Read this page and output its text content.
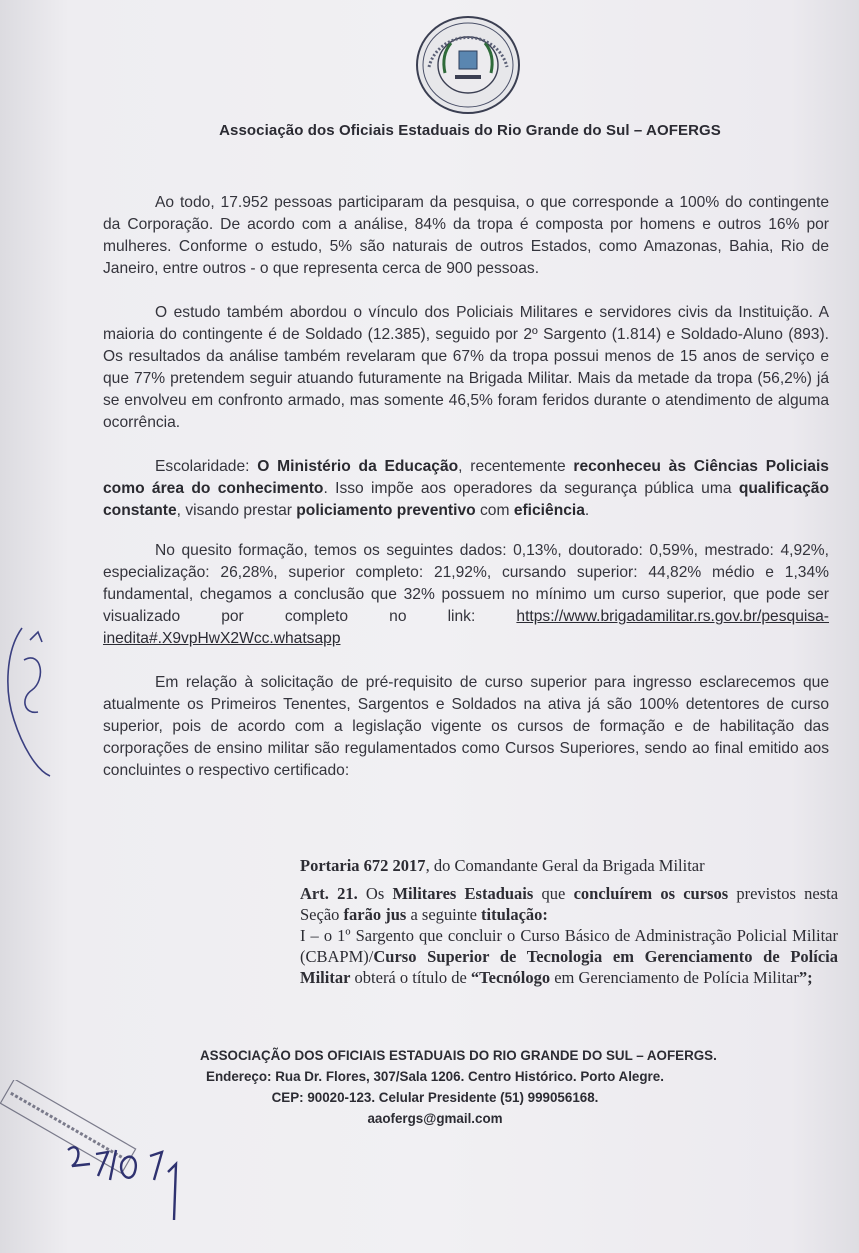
Associação dos Oficiais Estaduais do Rio Grande do Sul – AOFERGS

Ao todo, 17.952 pessoas participaram da pesquisa, o que corresponde a 100% do contingente da Corporação. De acordo com a análise, 84% da tropa é composta por homens e outros 16% por mulheres. Conforme o estudo, 5% são naturais de outros Estados, como Amazonas, Bahia, Rio de Janeiro, entre outros - o que representa cerca de 900 pessoas.

O estudo também abordou o vínculo dos Policiais Militares e servidores civis da Instituição. A maioria do contingente é de Soldado (12.385), seguido por 2º Sargento (1.814) e Soldado-Aluno (893). Os resultados da análise também revelaram que 67% da tropa possui menos de 15 anos de serviço e que 77% pretendem seguir atuando futuramente na Brigada Militar. Mais da metade da tropa (56,2%) já se envolveu em confronto armado, mas somente 46,5% foram feridos durante o atendimento de alguma ocorrência.

Escolaridade: O Ministério da Educação, recentemente reconheceu às Ciências Policiais como área do conhecimento. Isso impõe aos operadores da segurança pública uma qualificação constante, visando prestar policiamento preventivo com eficiência.

No quesito formação, temos os seguintes dados: 0,13%, doutorado: 0,59%, mestrado: 4,92%, especialização: 26,28%, superior completo: 21,92%, cursando superior: 44,82% médio e 1,34% fundamental, chegamos a conclusão que 32% possuem no mínimo um curso superior, que pode ser visualizado por completo no link:	https://www.brigadamilitar.rs.gov.br/pesquisa-inedita#.X9vpHwX2Wcc.whatsapp

Em relação à solicitação de pré-requisito de curso superior para ingresso esclarecemos que atualmente os Primeiros Tenentes, Sargentos e Soldados na ativa já são 100% detentores de curso superior, pois de acordo com a legislação vigente os cursos de formação e de habilitação das corporações de ensino militar são regulamentados como Cursos Superiores, sendo ao final emitido aos concluintes o respectivo certificado:

Portaria 672 2017, do Comandante Geral da Brigada Militar
Art. 21. Os Militares Estaduais que concluírem os cursos previstos nesta Seção farão jus a seguinte titulação:
I – o 1º Sargento que concluir o Curso Básico de Administração Policial Militar (CBAPM)/Curso Superior de Tecnologia em Gerenciamento de Polícia Militar obterá o título de “Tecnólogo em Gerenciamento de Polícia Militar”;
ASSOCIAÇÃO DOS OFICIAIS ESTADUAIS DO RIO GRANDE DO SUL – AOFERGS.
Endereço: Rua Dr. Flores, 307/Sala 1206. Centro Histórico. Porto Alegre.
CEP: 90020-123. Celular Presidente (51) 999056168.
aaofergs@gmail.com
